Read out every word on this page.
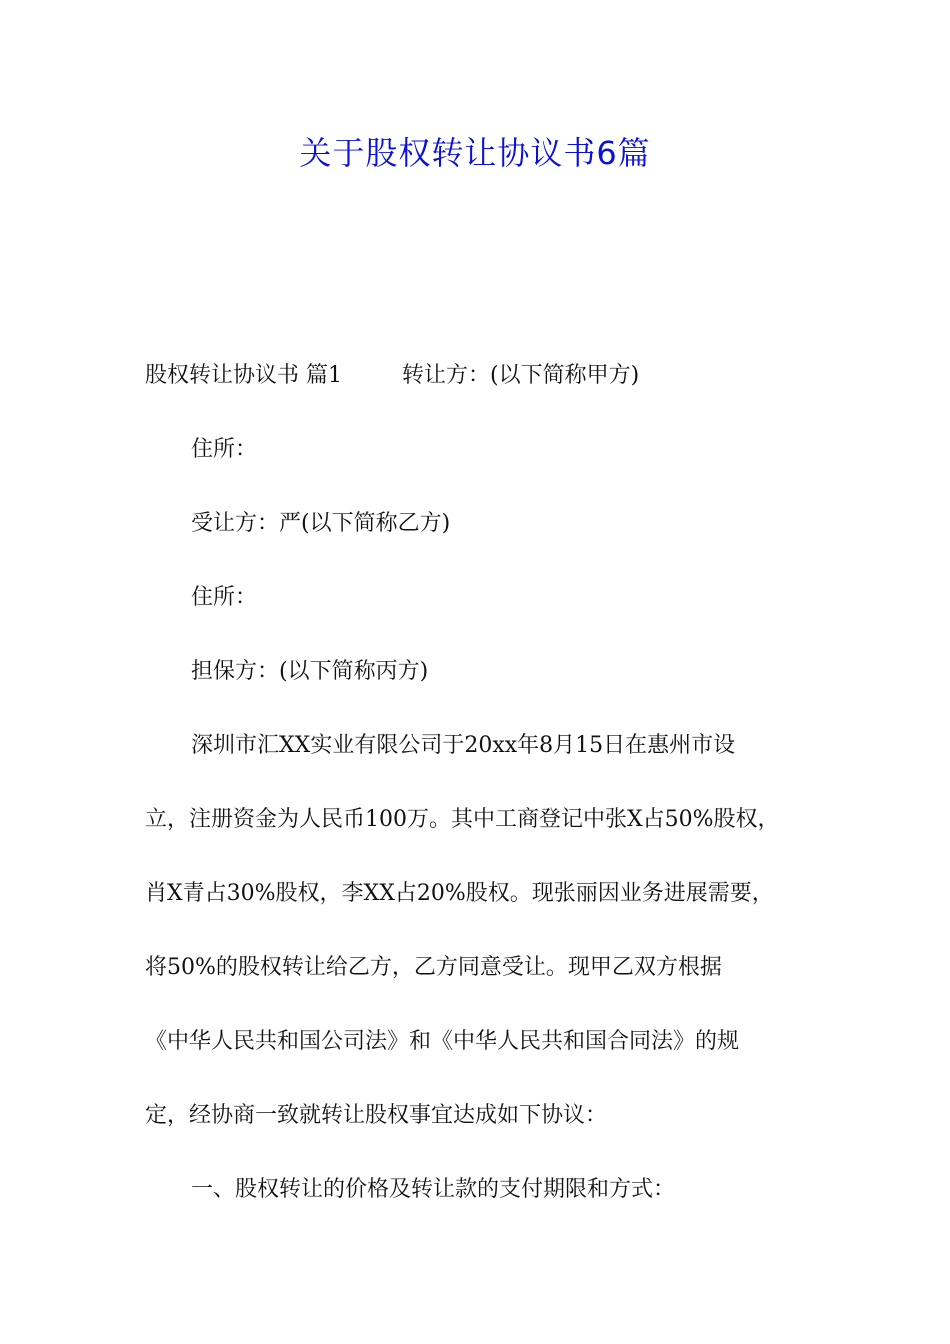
关于股权转让协议书6篇
股权转让协议书 篇1	转让方：(以下简称甲方)
住所：
受让方：严(以下简称乙方)
住所：
担保方：(以下简称丙方)
深圳市汇XX实业有限公司于20xx年8月15日在惠州市设
立，注册资金为人民币100万。其中工商登记中张X占50%股权，
肖X青占30%股权，李XX占20%股权。现张丽因业务进展需要，
将50%的股权转让给乙方，乙方同意受让。现甲乙双方根据
《中华人民共和国公司法》和《中华人民共和国合同法》的规
定，经协商一致就转让股权事宜达成如下协议：
一、股权转让的价格及转让款的支付期限和方式：
